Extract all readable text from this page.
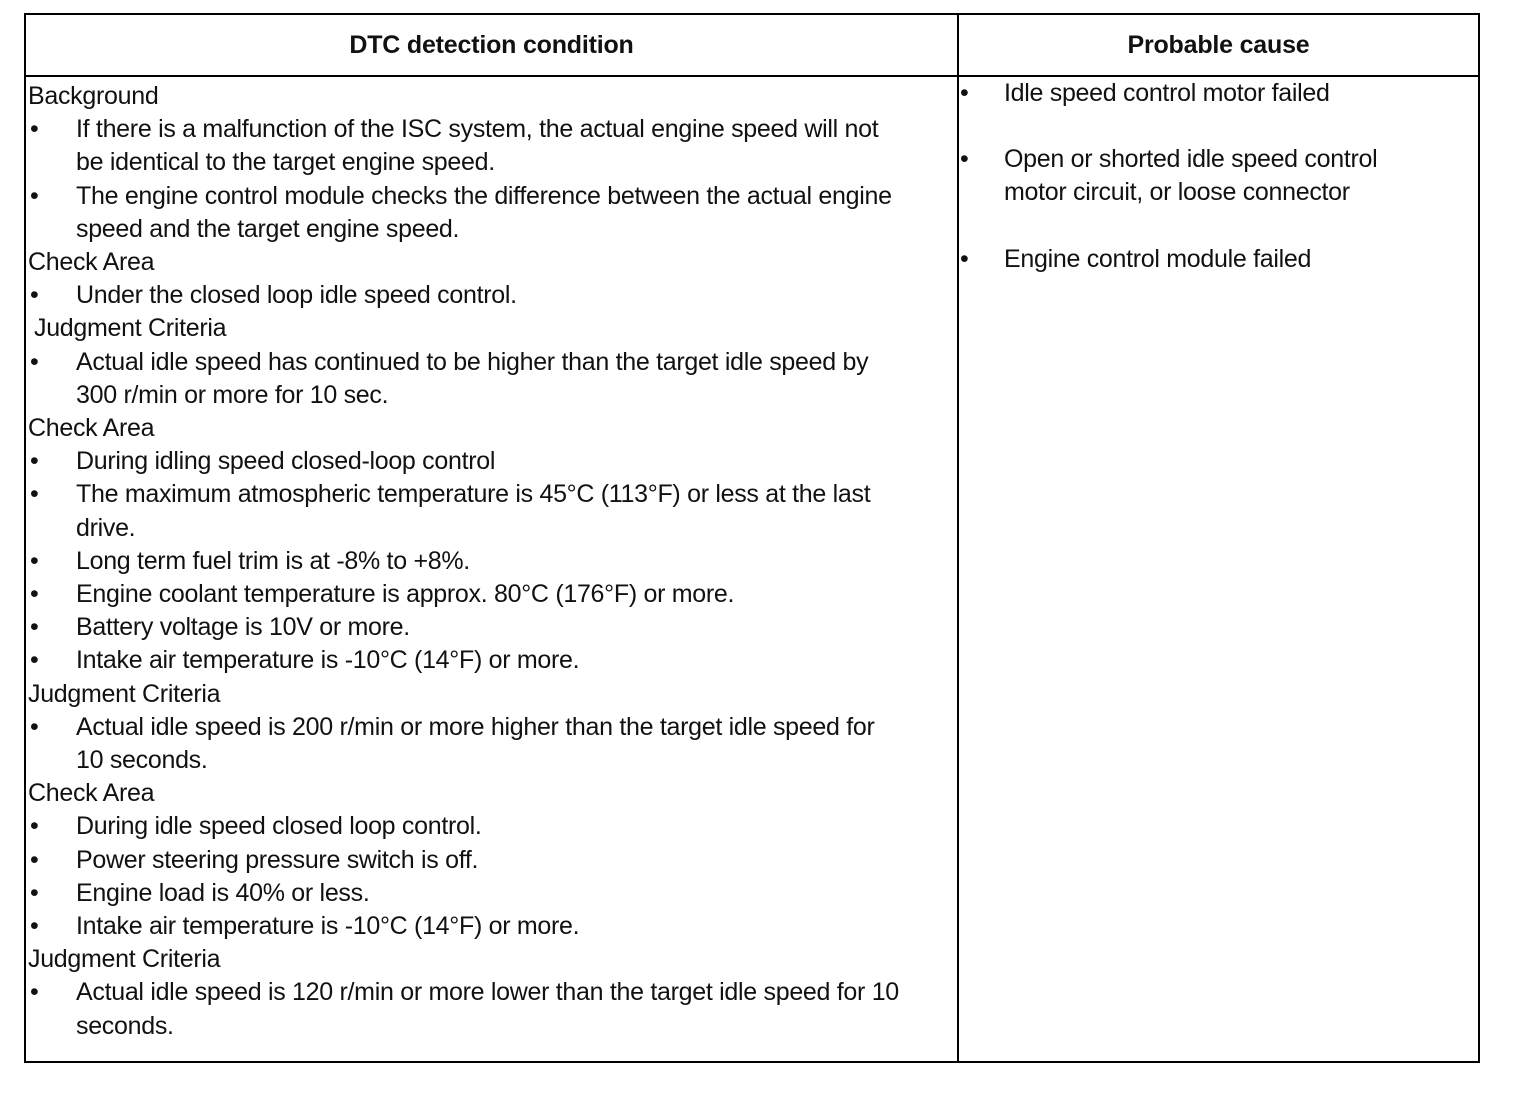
DTC detection condition	Probable cause
Background
• If there is a malfunction of the ISC system, the actual engine speed will not be identical to the target engine speed.
• The engine control module checks the difference between the actual engine speed and the target engine speed.
Check Area
• Under the closed loop idle speed control.
Judgment Criteria
• Actual idle speed has continued to be higher than the target idle speed by 300 r/min or more for 10 sec.
Check Area
• During idling speed closed-loop control
• The maximum atmospheric temperature is 45°C (113°F) or less at the last drive.
• Long term fuel trim is at -8% to +8%.
• Engine coolant temperature is approx. 80°C (176°F) or more.
• Battery voltage is 10V or more.
• Intake air temperature is -10°C (14°F) or more.
Judgment Criteria
• Actual idle speed is 200 r/min or more higher than the target idle speed for 10 seconds.
Check Area
• During idle speed closed loop control.
• Power steering pressure switch is off.
• Engine load is 40% or less.
• Intake air temperature is -10°C (14°F) or more.
Judgment Criteria
• Actual idle speed is 120 r/min or more lower than the target idle speed for 10 seconds.
• Idle speed control motor failed
• Open or shorted idle speed control motor circuit, or loose connector
• Engine control module failed
